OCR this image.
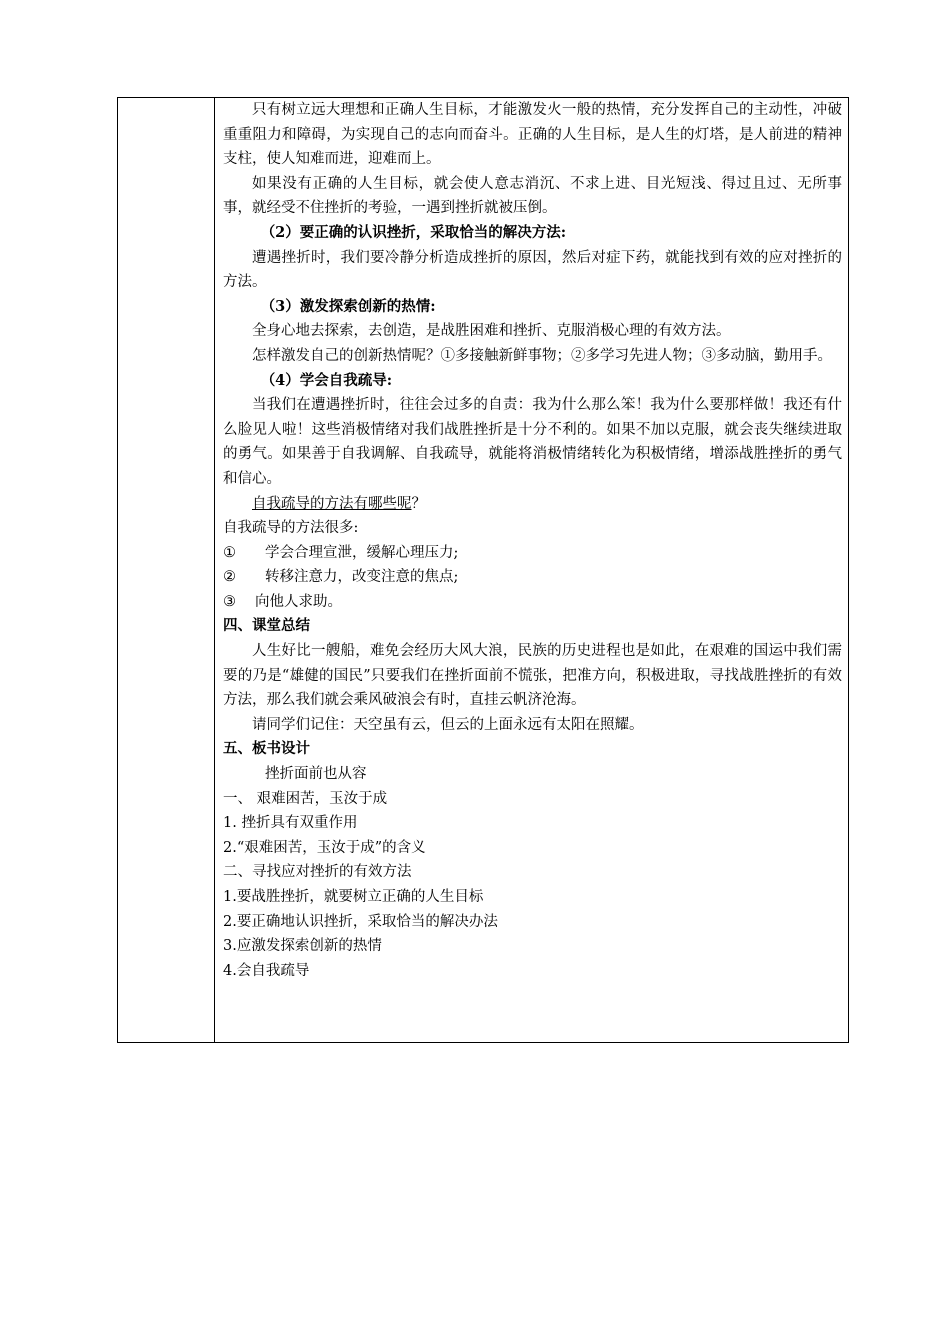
只有树立远大理想和正确人生目标，才能激发火一般的热情，充分发挥自己的主动性，冲破重重阻力和障碍，为实现自己的志向而奋斗。正确的人生目标，是人生的灯塔，是人前进的精神支柱，使人知难而进，迎难而上。

如果没有正确的人生目标，就会使人意志消沉、不求上进、目光短浅、得过且过、无所事事，就经受不住挫折的考验，一遇到挫折就被压倒。

（2）要正确的认识挫折，采取恰当的解决方法:

遭遇挫折时，我们要冷静分析造成挫折的原因，然后对症下药，就能找到有效的应对挫折的方法。

（3）激发探索创新的热情:

全身心地去探索，去创造，是战胜困难和挫折、克服消极心理的有效方法。

怎样激发自己的创新热情呢？①多接触新鲜事物；②多学习先进人物；③多动脑，勤用手。

（4）学会自我疏导:

当我们在遭遇挫折时，往往会过多的自责：我为什么那么笨！我为什么要那样做！我还有什么脸见人啦！这些消极情绪对我们战胜挫折是十分不利的。如果不加以克服，就会丧失继续进取的勇气。如果善于自我调解、自我疏导，就能将消极情绪转化为积极情绪，增添战胜挫折的勇气和信心。

自我疏导的方法有哪些呢？

自我疏导的方法很多:

①	学会合理宣泄，缓解心理压力;

②	转移注意力，改变注意的焦点;

③	向他人求助。

四、课堂总结

人生好比一艘船，难免会经历大风大浪，民族的历史进程也是如此，在艰难的国运中我们需要的乃是“雄健的国民”只要我们在挫折面前不慌张，把准方向，积极进取，寻找战胜挫折的有效方法，那么我们就会乘风破浪会有时，直挂云帆济沧海。

请同学们记住：天空虽有云，但云的上面永远有太阳在照耀。

五、板书设计

挫折面前也从容

一、 艰难困苦，玉汝于成

1. 挫折具有双重作用

2.“艰难困苦，玉汝于成”的含义

二、寻找应对挫折的有效方法

1.要战胜挫折，就要树立正确的人生目标

2.要正确地认识挫折，采取恰当的解决办法

3.应激发探索创新的热情

4.会自我疏导
